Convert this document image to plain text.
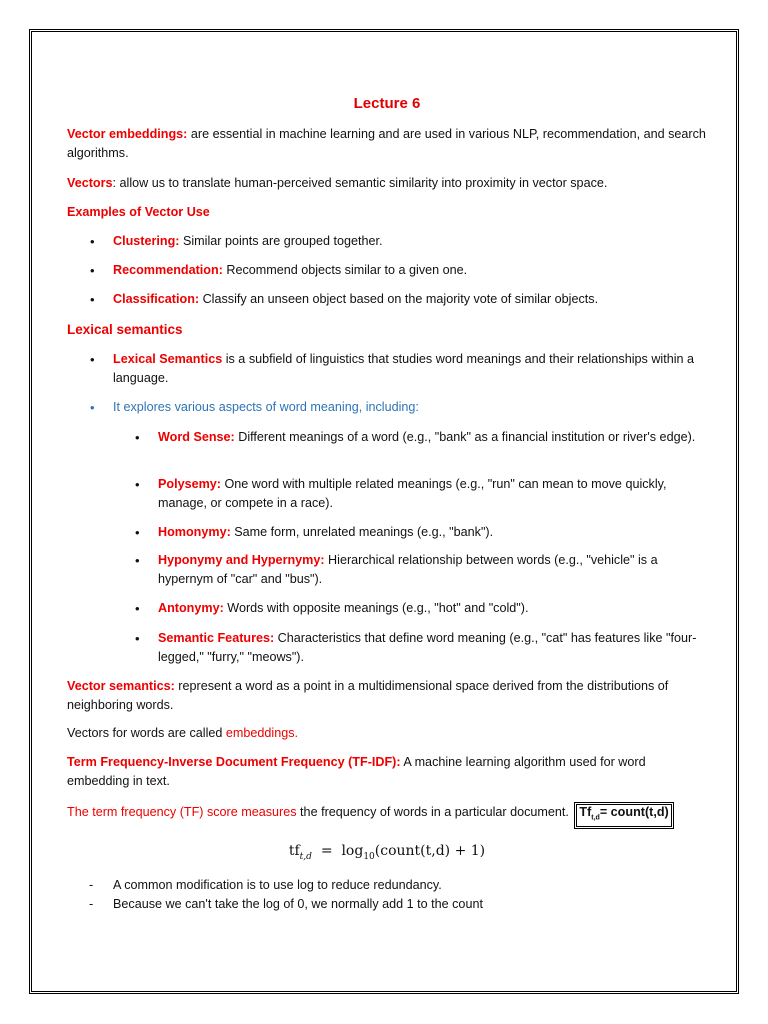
Lecture 6
Vector embeddings: are essential in machine learning and are used in various NLP, recommendation, and search algorithms.
Vectors: allow us to translate human-perceived semantic similarity into proximity in vector space.
Examples of Vector Use
• Clustering: Similar points are grouped together.
• Recommendation: Recommend objects similar to a given one.
• Classification: Classify an unseen object based on the majority vote of similar objects.
Lexical semantics
• Lexical Semantics is a subfield of linguistics that studies word meanings and their relationships within a language.
• It explores various aspects of word meaning, including:
• Word Sense: Different meanings of a word (e.g., "bank" as a financial institution or river's edge).
• Polysemy: One word with multiple related meanings (e.g., "run" can mean to move quickly, manage, or compete in a race).
• Homonymy: Same form, unrelated meanings (e.g., "bank").
• Hyponymy and Hypernymy: Hierarchical relationship between words (e.g., "vehicle" is a hypernym of "car" and "bus").
• Antonymy: Words with opposite meanings (e.g., "hot" and "cold").
• Semantic Features: Characteristics that define word meaning (e.g., "cat" has features like "four-legged," "furry," "meows").
Vector semantics: represent a word as a point in a multidimensional space derived from the distributions of neighboring words.
Vectors for words are called embeddings.
Term Frequency-Inverse Document Frequency (TF-IDF): A machine learning algorithm used for word embedding in text.
The term frequency (TF) score measures the frequency of words in a particular document. $Tf_{t,d}=$ count(t,d)
$tf_{t,d}$ = $\log_{10}(count(t,d) + 1)$
- A common modification is to use log to reduce redundancy.
- Because we can't take the log of 0, we normally add 1 to the count
